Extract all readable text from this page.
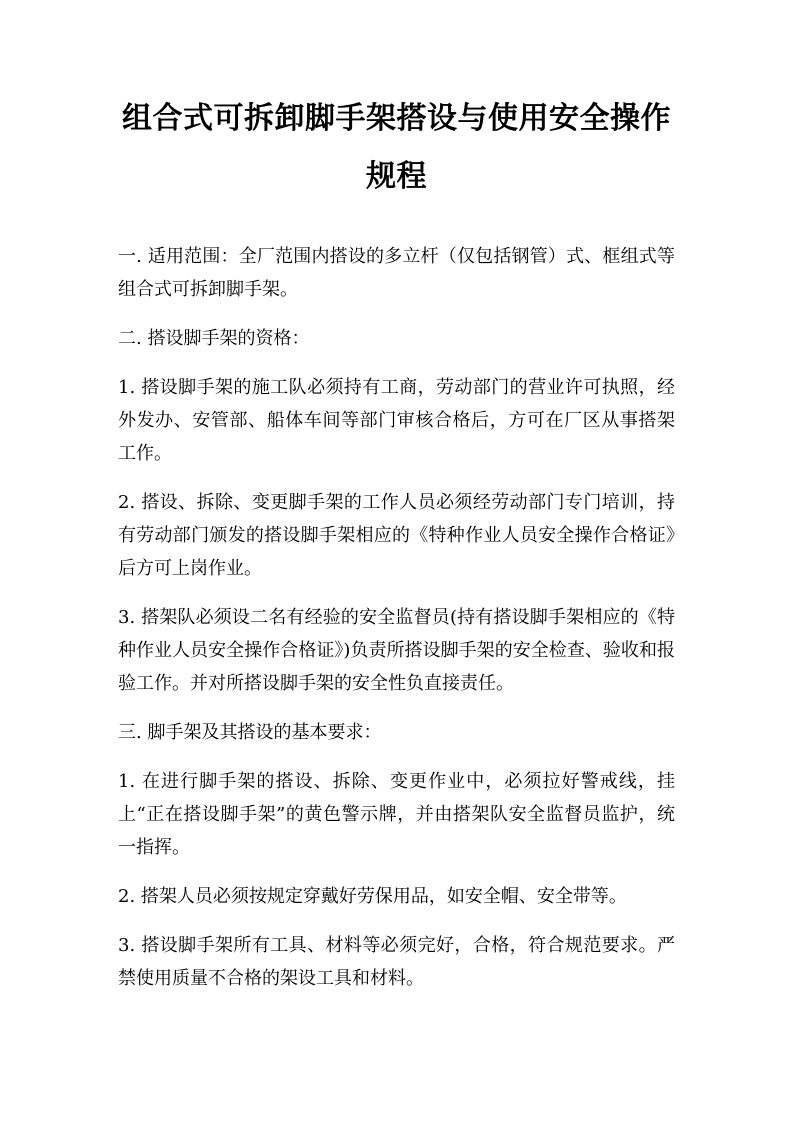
组合式可拆卸脚手架搭设与使用安全操作
规程

一. 适用范围：全厂范围内搭设的多立杆（仅包括钢管）式、框组式等组合式可拆卸脚手架。

二. 搭设脚手架的资格：

1. 搭设脚手架的施工队必须持有工商，劳动部门的营业许可执照，经外发办、安管部、船体车间等部门审核合格后，方可在厂区从事搭架工作。

2. 搭设、拆除、变更脚手架的工作人员必须经劳动部门专门培训，持有劳动部门颁发的搭设脚手架相应的《特种作业人员安全操作合格证》后方可上岗作业。

3. 搭架队必须设二名有经验的安全监督员(持有搭设脚手架相应的《特种作业人员安全操作合格证》)负责所搭设脚手架的安全检查、验收和报验工作。并对所搭设脚手架的安全性负直接责任。

三. 脚手架及其搭设的基本要求：

1. 在进行脚手架的搭设、拆除、变更作业中，必须拉好警戒线，挂上“正在搭设脚手架”的黄色警示牌，并由搭架队安全监督员监护，统一指挥。

2. 搭架人员必须按规定穿戴好劳保用品，如安全帽、安全带等。

3. 搭设脚手架所有工具、材料等必须完好，合格，符合规范要求。严禁使用质量不合格的架设工具和材料。
